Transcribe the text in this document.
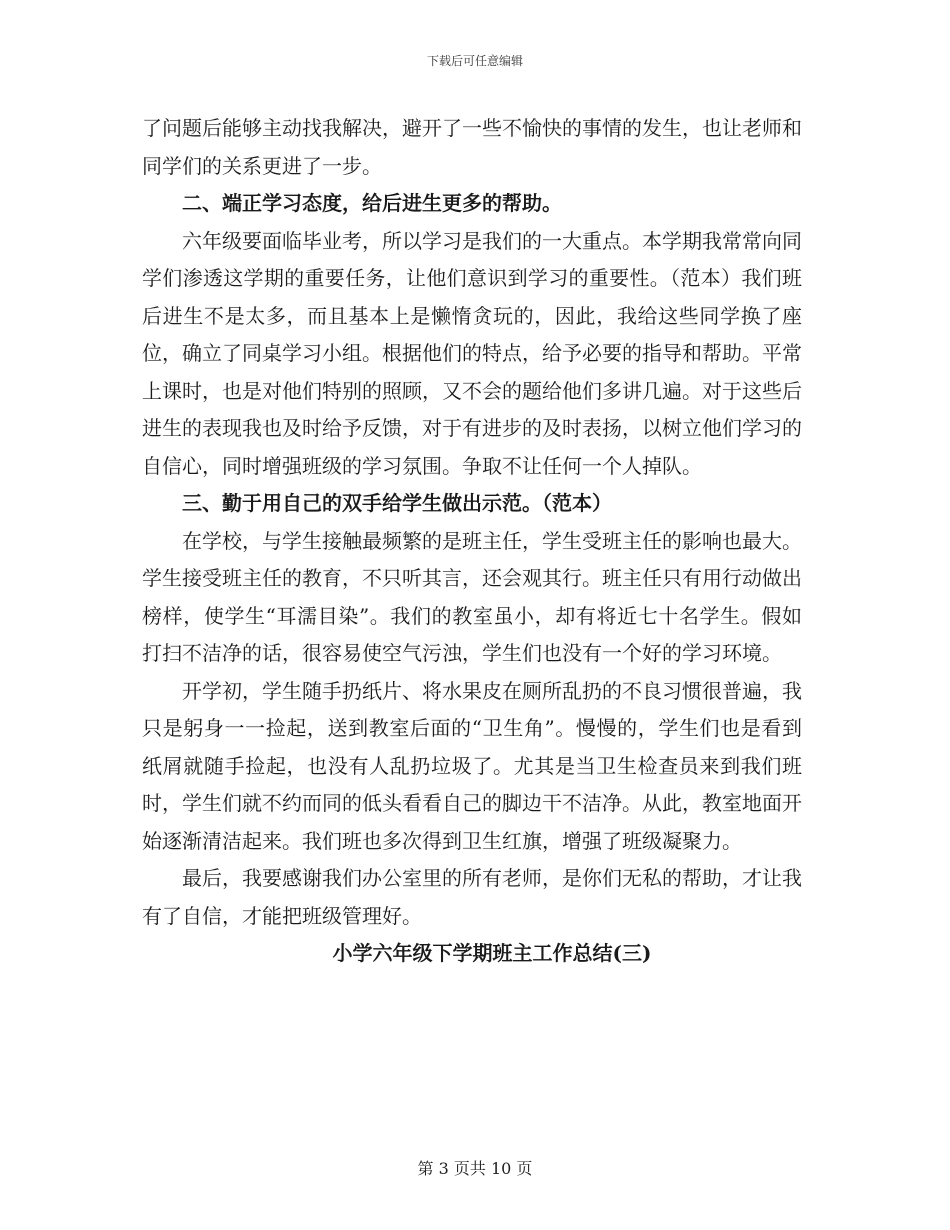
下载后可任意编辑

了问题后能够主动找我解决，避开了一些不愉快的事情的发生，也让老师和同学们的关系更进了一步。

二、端正学习态度，给后进生更多的帮助。

六年级要面临毕业考，所以学习是我们的一大重点。本学期我常常向同学们渗透这学期的重要任务，让他们意识到学习的重要性。（范本）我们班后进生不是太多，而且基本上是懒惰贪玩的，因此，我给这些同学换了座位，确立了同桌学习小组。根据他们的特点，给予必要的指导和帮助。平常上课时，也是对他们特别的照顾，又不会的题给他们多讲几遍。对于这些后进生的表现我也及时给予反馈，对于有进步的及时表扬，以树立他们学习的自信心，同时增强班级的学习氛围。争取不让任何一个人掉队。

三、勤于用自己的双手给学生做出示范。（范本）

在学校，与学生接触最频繁的是班主任，学生受班主任的影响也最大。学生接受班主任的教育，不只听其言，还会观其行。班主任只有用行动做出榜样，使学生“耳濡目染”。我们的教室虽小，却有将近七十名学生。假如打扫不洁净的话，很容易使空气污浊，学生们也没有一个好的学习环境。

开学初，学生随手扔纸片、将水果皮在厕所乱扔的不良习惯很普遍，我只是躬身一一捡起，送到教室后面的“卫生角”。慢慢的，学生们也是看到纸屑就随手捡起，也没有人乱扔垃圾了。尤其是当卫生检查员来到我们班时，学生们就不约而同的低头看看自己的脚边干不洁净。从此，教室地面开始逐渐清洁起来。我们班也多次得到卫生红旗，增强了班级凝聚力。

最后，我要感谢我们办公室里的所有老师，是你们无私的帮助，才让我有了自信，才能把班级管理好。

小学六年级下学期班主工作总结(三)

第 3 页共 10 页
